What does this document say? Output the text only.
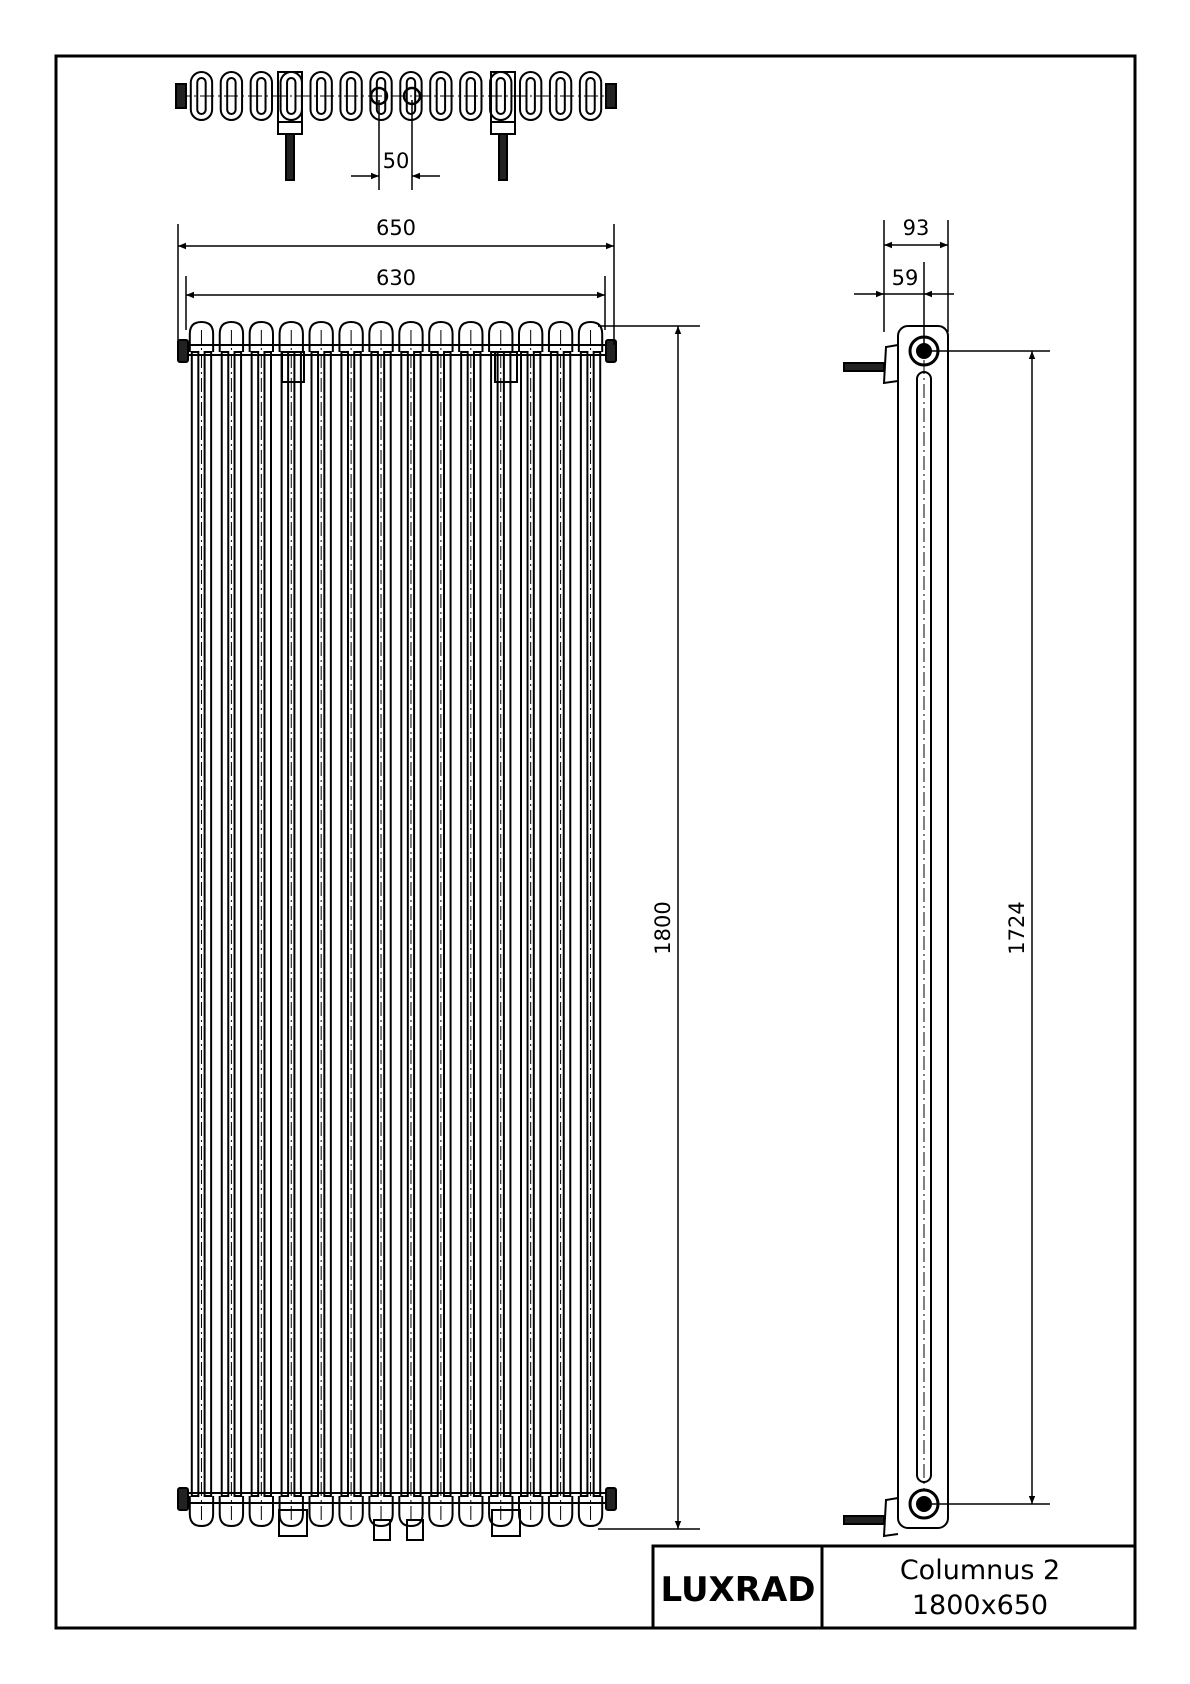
50
650
630
1800
93
59
1724
LUXRAD	Columnus 2
1800x650
